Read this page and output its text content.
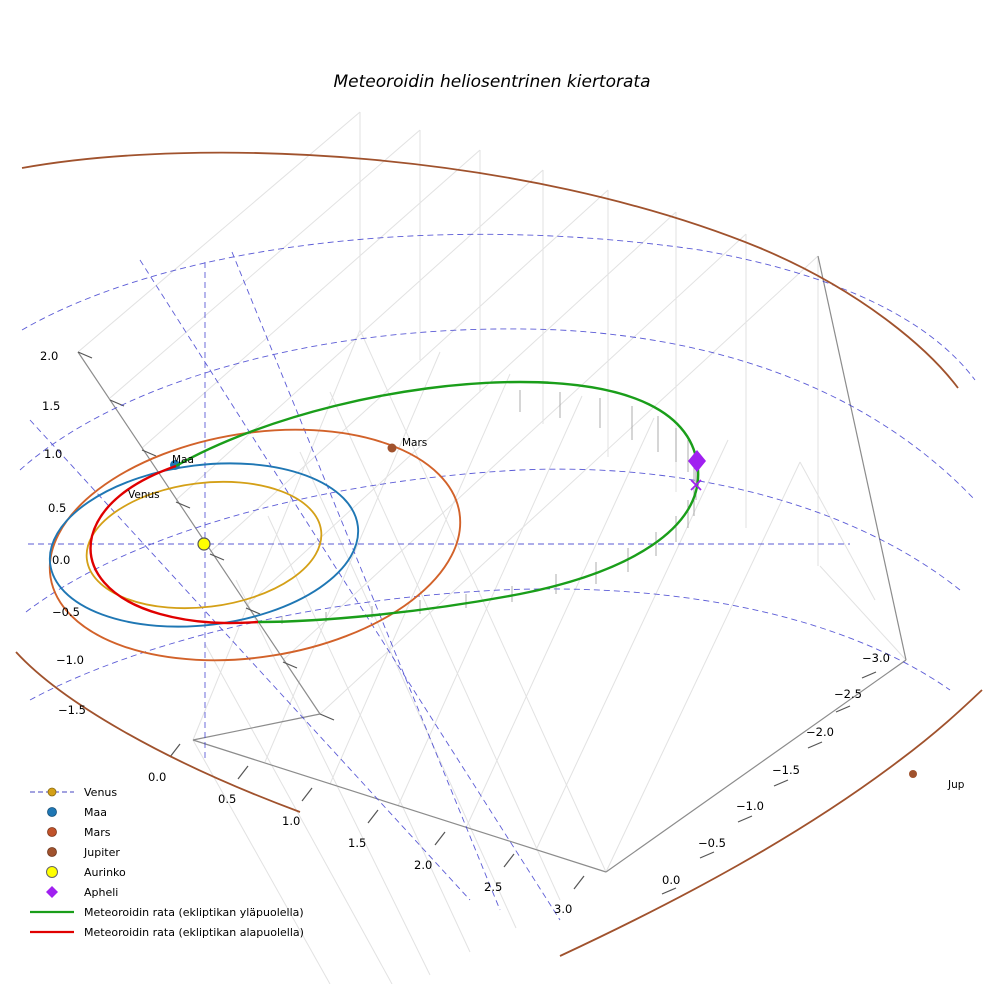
Meteoroidin heliosentrinen kiertorata
2.0
1.5
1.0
0.5
0.0
−0.5
−1.0
−1.5
0.0
0.5
1.0
1.5
2.0
2.5
3.0
−3.0
−2.5
−2.0
−1.5
−1.0
−0.5
0.0
Maa
Venus
Mars
Jup
Venus
Maa
Mars
Jupiter
Aurinko
Apheli
Meteoroidin rata (ekliptikan yläpuolella)
Meteoroidin rata (ekliptikan alapuolella)
